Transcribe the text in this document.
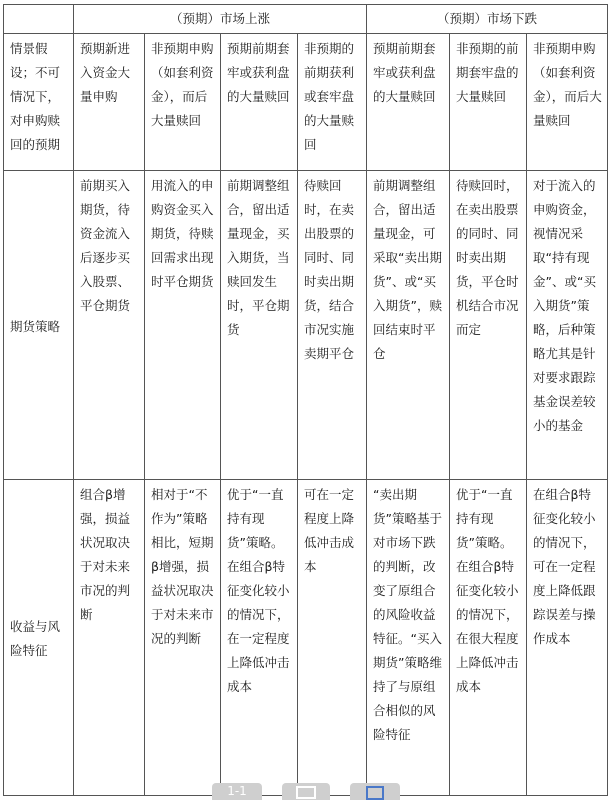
	（预期）市场上涨				（预期）市场下跌		
情景假设；不可情况下，对申购赎回的预期	预期新进入资金大量申购	非预期申购（如套利资金），而后大量赎回	预期前期套牢或获利盘的大量赎回	非预期的前期获利或套牢盘的大量赎回	预期前期套牢或获利盘的大量赎回	非预期的前期套牢盘的大量赎回	非预期申购（如套利资金），而后大量赎回
期货策略	前期买入期货，待资金流入后逐步买入股票、平仓期货	用流入的申购资金买入期货，待赎回需求出现时平仓期货	前期调整组合，留出适量现金，买入期货，当赎回发生时，平仓期货	待赎回时，在卖出股票的同时、同时卖出期货，结合市况实施卖期平仓	前期调整组合，留出适量现金，可采取“卖出期货”、或“买入期货”，赎回结束时平仓	待赎回时，在卖出股票的同时、同时卖出期货，平仓时机结合市况而定	对于流入的申购资金，视情况采取“持有现金”、或“买入期货”策略，后种策略尤其是针对要求跟踪基金误差较小的基金
收益与风险特征	组合β增强，损益状况取决于对未来市况的判断	相对于“不作为”策略相比，短期β增强，损益状况取决于对未来市况的判断	优于“一直持有现货”策略。在组合β特征变化较小的情况下，在一定程度上降低冲击成本	可在一定程度上降低冲击成本	“卖出期货”策略基于对市场下跌的判断，改变了原组合的风险收益特征。“买入期货”策略维持了与原组合相似的风险特征	优于“一直持有现货”策略。在组合β特征变化较小的情况下，在很大程度上降低冲击成本	在组合β特征变化较小的情况下，可在一定程度上降低跟踪误差与操作成本
1-1
